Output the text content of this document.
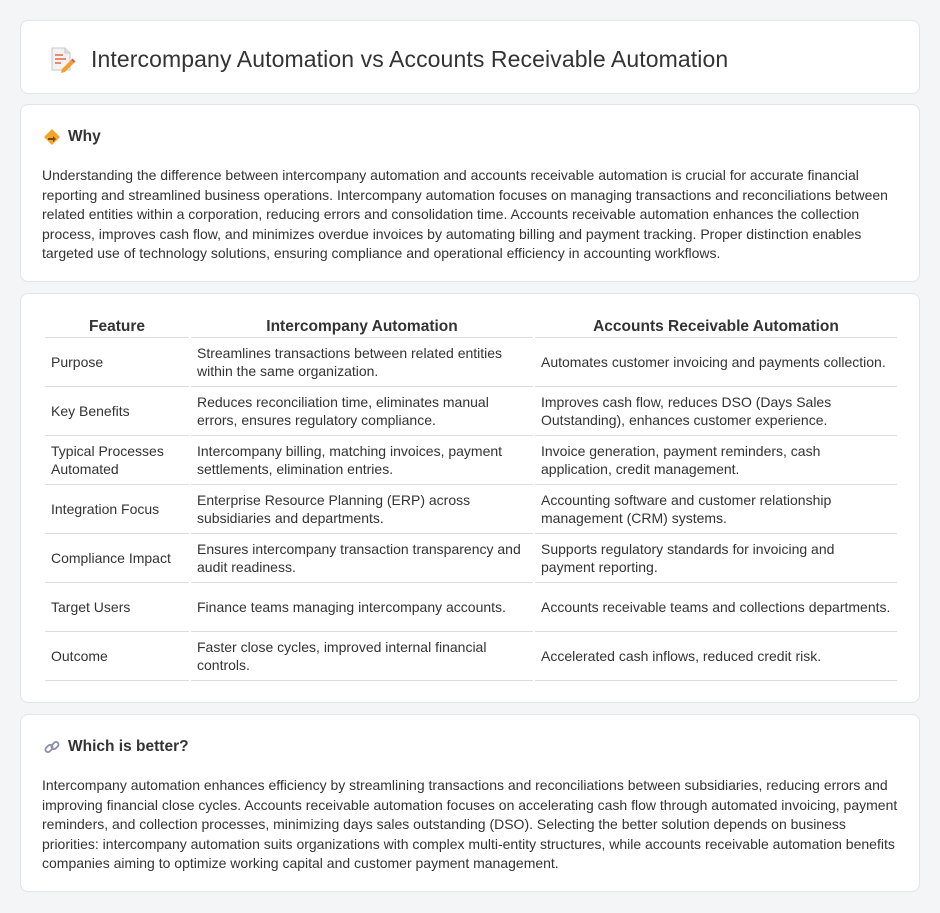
Intercompany Automation vs Accounts Receivable Automation
Why

Understanding the difference between intercompany automation and accounts receivable automation is crucial for accurate financial reporting and streamlined business operations. Intercompany automation focuses on managing transactions and reconciliations between related entities within a corporation, reducing errors and consolidation time. Accounts receivable automation enhances the collection process, improves cash flow, and minimizes overdue invoices by automating billing and payment tracking. Proper distinction enables targeted use of technology solutions, ensuring compliance and operational efficiency in accounting workflows.

Feature	Intercompany Automation	Accounts Receivable Automation
Purpose	Streamlines transactions between related entities within the same organization.	Automates customer invoicing and payments collection.
Key Benefits	Reduces reconciliation time, eliminates manual errors, ensures regulatory compliance.	Improves cash flow, reduces DSO (Days Sales Outstanding), enhances customer experience.
Typical Processes Automated	Intercompany billing, matching invoices, payment settlements, elimination entries.	Invoice generation, payment reminders, cash application, credit management.
Integration Focus	Enterprise Resource Planning (ERP) across subsidiaries and departments.	Accounting software and customer relationship management (CRM) systems.
Compliance Impact	Ensures intercompany transaction transparency and audit readiness.	Supports regulatory standards for invoicing and payment reporting.
Target Users	Finance teams managing intercompany accounts.	Accounts receivable teams and collections departments.
Outcome	Faster close cycles, improved internal financial controls.	Accelerated cash inflows, reduced credit risk.
Which is better?

Intercompany automation enhances efficiency by streamlining transactions and reconciliations between subsidiaries, reducing errors and improving financial close cycles. Accounts receivable automation focuses on accelerating cash flow through automated invoicing, payment reminders, and collection processes, minimizing days sales outstanding (DSO). Selecting the better solution depends on business priorities: intercompany automation suits organizations with complex multi-entity structures, while accounts receivable automation benefits companies aiming to optimize working capital and customer payment management.
